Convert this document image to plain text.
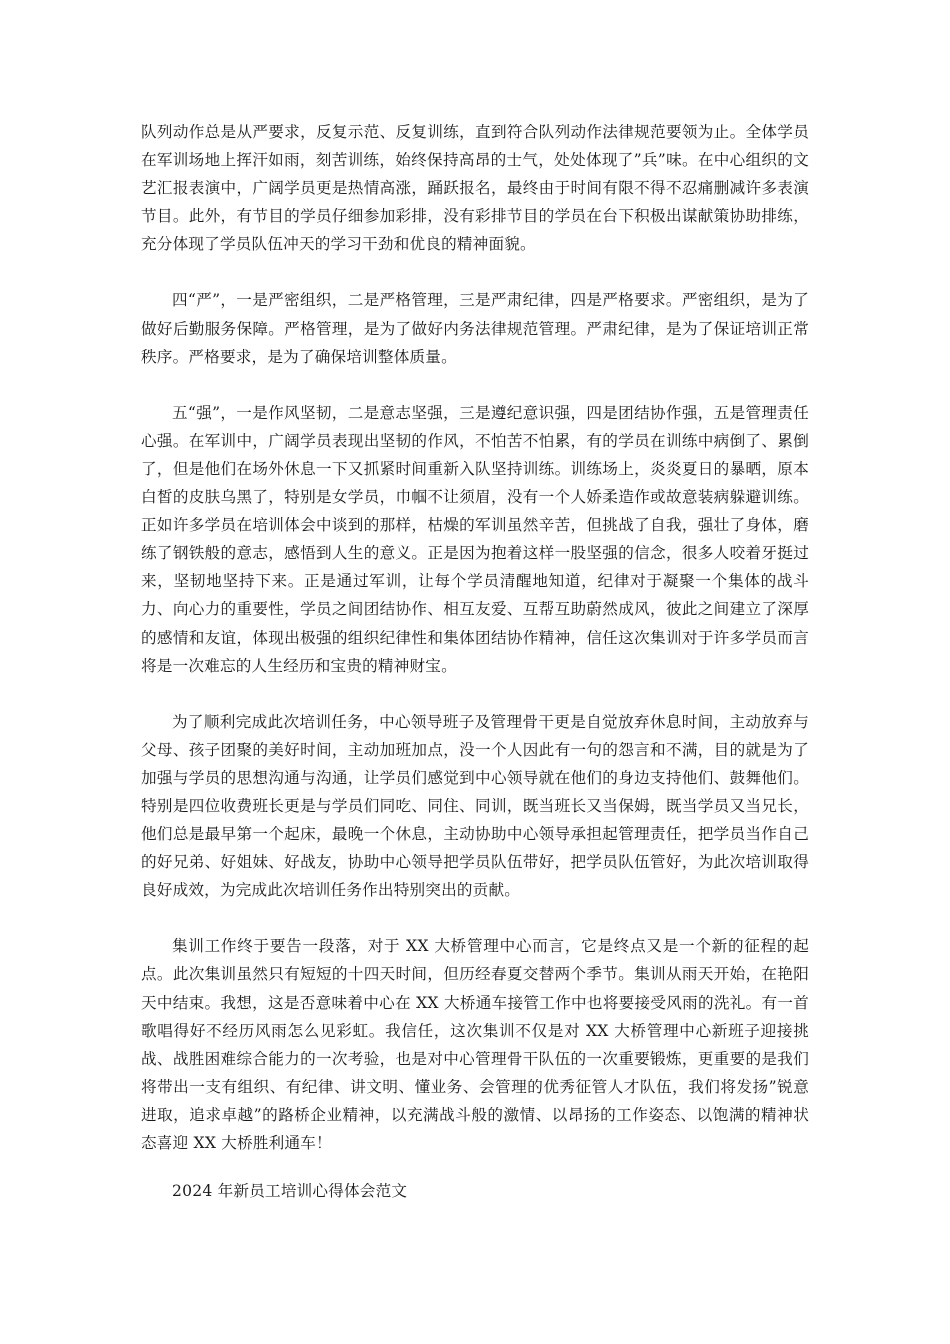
队列动作总是从严要求，反复示范、反复训练，直到符合队列动作法律规范要领为止。全体学员在军训场地上挥汗如雨，刻苦训练，始终保持高昂的士气，处处体现了”兵”味。在中心组织的文艺汇报表演中，广阔学员更是热情高涨，踊跃报名，最终由于时间有限不得不忍痛删减许多表演节目。此外，有节目的学员仔细参加彩排，没有彩排节目的学员在台下积极出谋献策协助排练，充分体现了学员队伍冲天的学习干劲和优良的精神面貌。

四“严”，一是严密组织，二是严格管理，三是严肃纪律，四是严格要求。严密组织，是为了做好后勤服务保障。严格管理，是为了做好内务法律规范管理。严肃纪律，是为了保证培训正常秩序。严格要求，是为了确保培训整体质量。

五“强”，一是作风坚韧，二是意志坚强，三是遵纪意识强，四是团结协作强，五是管理责任心强。在军训中，广阔学员表现出坚韧的作风，不怕苦不怕累，有的学员在训练中病倒了、累倒了，但是他们在场外休息一下又抓紧时间重新入队坚持训练。训练场上，炎炎夏日的暴晒，原本白皙的皮肤乌黑了，特别是女学员，巾帼不让须眉，没有一个人娇柔造作或故意装病躲避训练。正如许多学员在培训体会中谈到的那样，枯燥的军训虽然辛苦，但挑战了自我，强壮了身体，磨练了钢铁般的意志，感悟到人生的意义。正是因为抱着这样一股坚强的信念，很多人咬着牙挺过来，坚韧地坚持下来。正是通过军训，让每个学员清醒地知道，纪律对于凝聚一个集体的战斗力、向心力的重要性，学员之间团结协作、相互友爱、互帮互助蔚然成风，彼此之间建立了深厚的感情和友谊，体现出极强的组织纪律性和集体团结协作精神，信任这次集训对于许多学员而言将是一次难忘的人生经历和宝贵的精神财宝。

为了顺利完成此次培训任务，中心领导班子及管理骨干更是自觉放弃休息时间，主动放弃与父母、孩子团聚的美好时间，主动加班加点，没一个人因此有一句的怨言和不满，目的就是为了加强与学员的思想沟通与沟通，让学员们感觉到中心领导就在他们的身边支持他们、鼓舞他们。特别是四位收费班长更是与学员们同吃、同住、同训，既当班长又当保姆，既当学员又当兄长，他们总是最早第一个起床，最晚一个休息，主动协助中心领导承担起管理责任，把学员当作自己的好兄弟、好姐妹、好战友，协助中心领导把学员队伍带好，把学员队伍管好，为此次培训取得良好成效，为完成此次培训任务作出特别突出的贡献。

集训工作终于要告一段落，对于 XX 大桥管理中心而言，它是终点又是一个新的征程的起点。此次集训虽然只有短短的十四天时间，但历经春夏交替两个季节。集训从雨天开始，在艳阳天中结束。我想，这是否意味着中心在 XX 大桥通车接管工作中也将要接受风雨的洗礼。有一首歌唱得好不经历风雨怎么见彩虹。我信任，这次集训不仅是对 XX 大桥管理中心新班子迎接挑战、战胜困难综合能力的一次考验，也是对中心管理骨干队伍的一次重要锻炼，更重要的是我们将带出一支有组织、有纪律、讲文明、懂业务、会管理的优秀征管人才队伍，我们将发扬”锐意进取，追求卓越”的路桥企业精神，以充满战斗般的激情、以昂扬的工作姿态、以饱满的精神状态喜迎 XX 大桥胜利通车！

2024 年新员工培训心得体会范文
